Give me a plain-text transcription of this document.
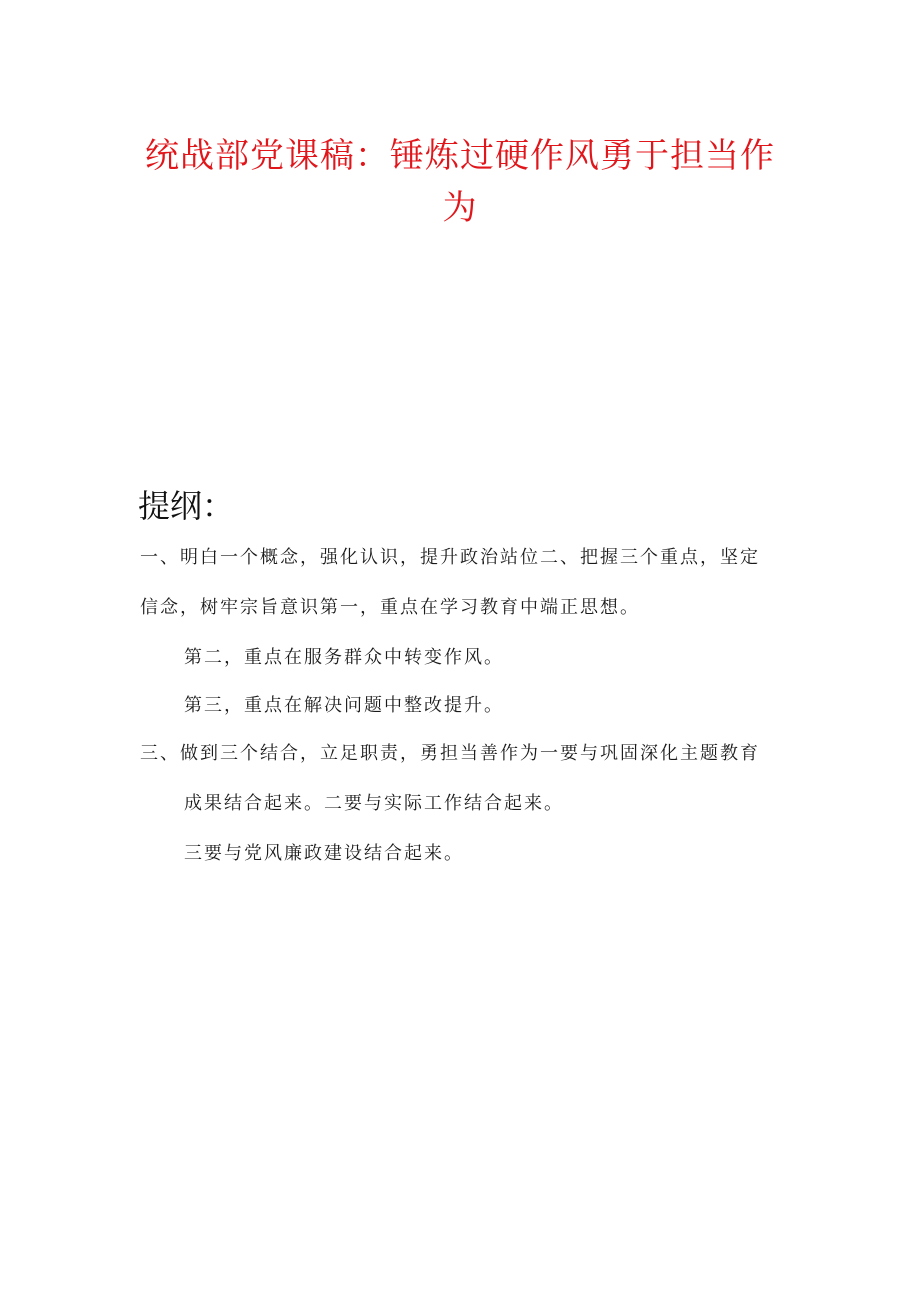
统战部党课稿：锤炼过硬作风勇于担当作
为
提纲：

一、明白一个概念，强化认识，提升政治站位二、把握三个重点，坚定

信念，树牢宗旨意识第一，重点在学习教育中端正思想。

第二，重点在服务群众中转变作风。

第三，重点在解决问题中整改提升。

三、做到三个结合，立足职责，勇担当善作为一要与巩固深化主题教育

成果结合起来。二要与实际工作结合起来。

三要与党风廉政建设结合起来。
